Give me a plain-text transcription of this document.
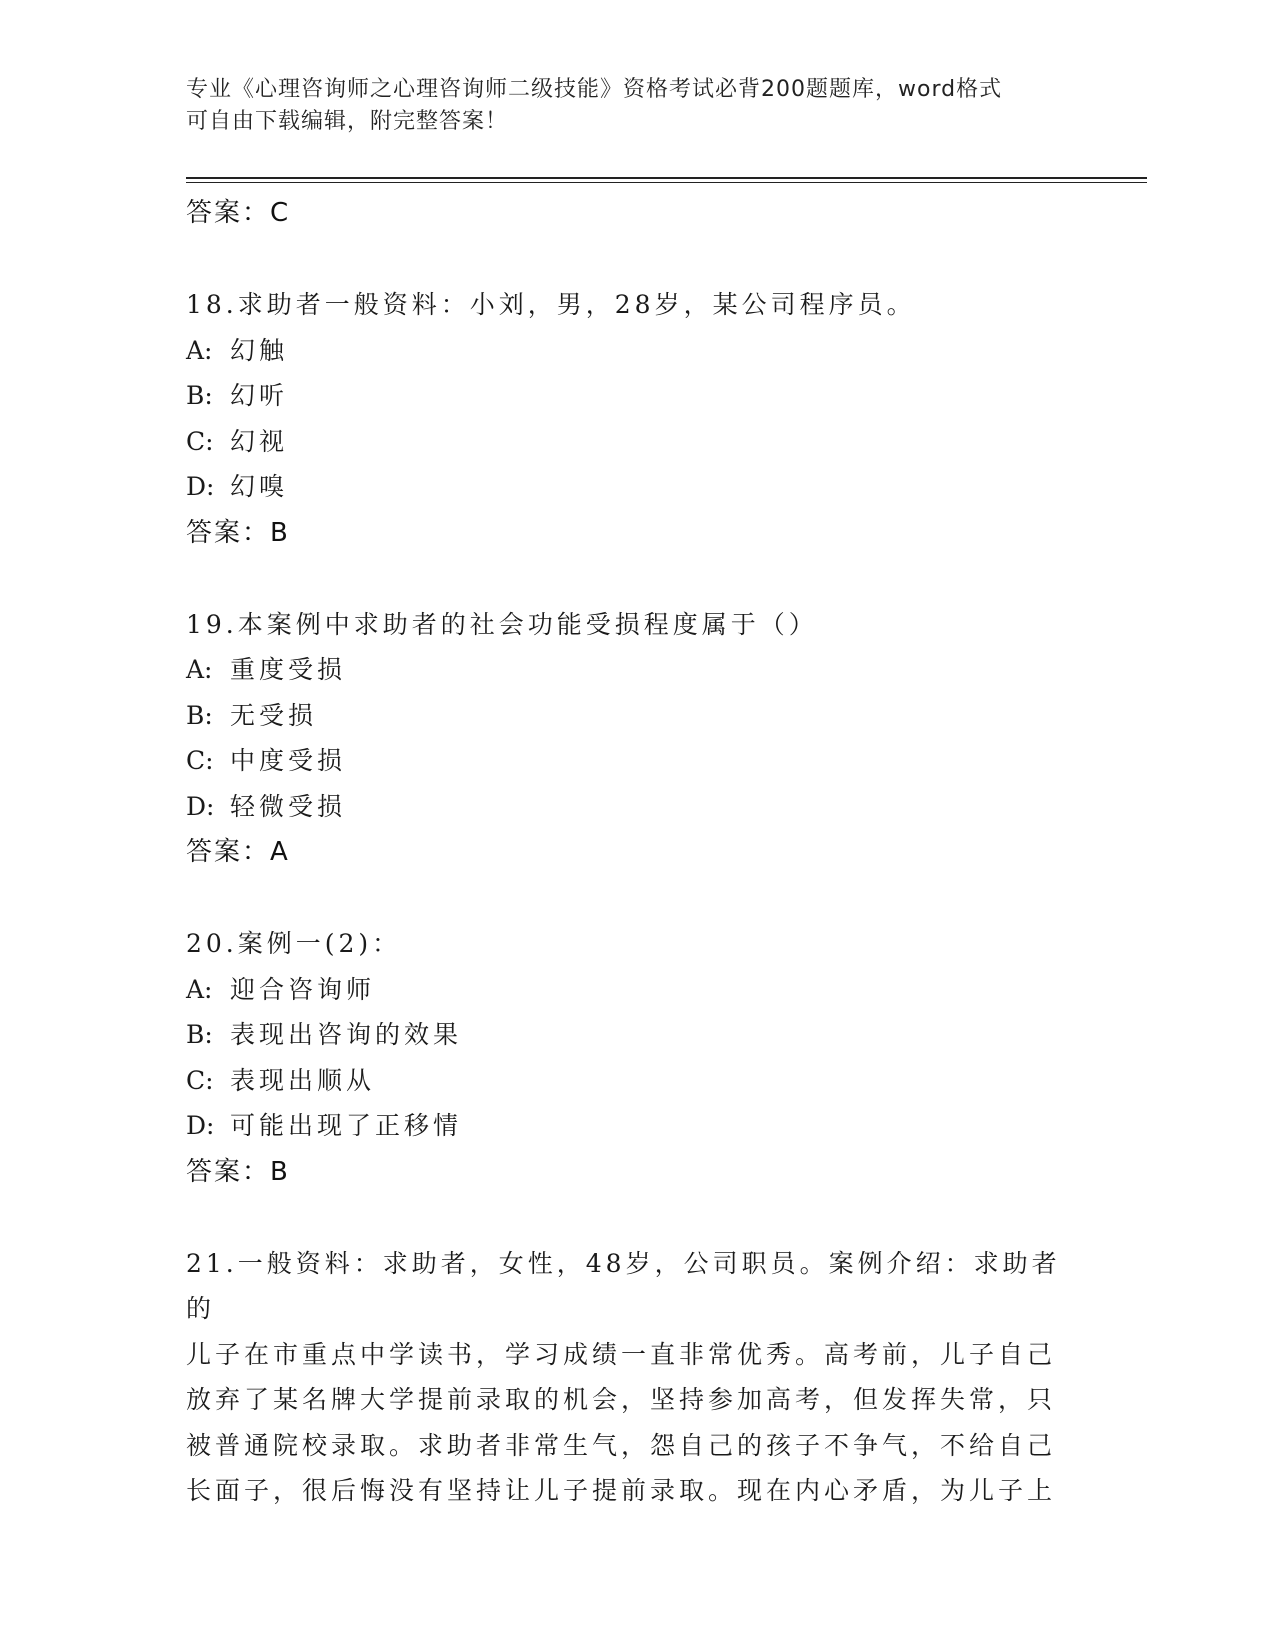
专业《心理咨询师之心理咨询师二级技能》资格考试必背200题题库，word格式
可自由下载编辑，附完整答案！
答案：C
18.求助者一般资料：小刘，男，28岁，某公司程序员。
A: 幻触
B: 幻听
C: 幻视
D: 幻嗅
答案：B
19.本案例中求助者的社会功能受损程度属于（）
A: 重度受损
B: 无受损
C: 中度受损
D: 轻微受损
答案：A
20.案例一(2)：
A: 迎合咨询师
B: 表现出咨询的效果
C: 表现出顺从
D: 可能出现了正移情
答案：B
21.一般资料：求助者，女性，48岁，公司职员。案例介绍：求助者的
儿子在市重点中学读书，学习成绩一直非常优秀。高考前，儿子自己
放弃了某名牌大学提前录取的机会，坚持参加高考，但发挥失常，只
被普通院校录取。求助者非常生气，怨自己的孩子不争气，不给自己
长面子，很后悔没有坚持让儿子提前录取。现在内心矛盾，为儿子上
